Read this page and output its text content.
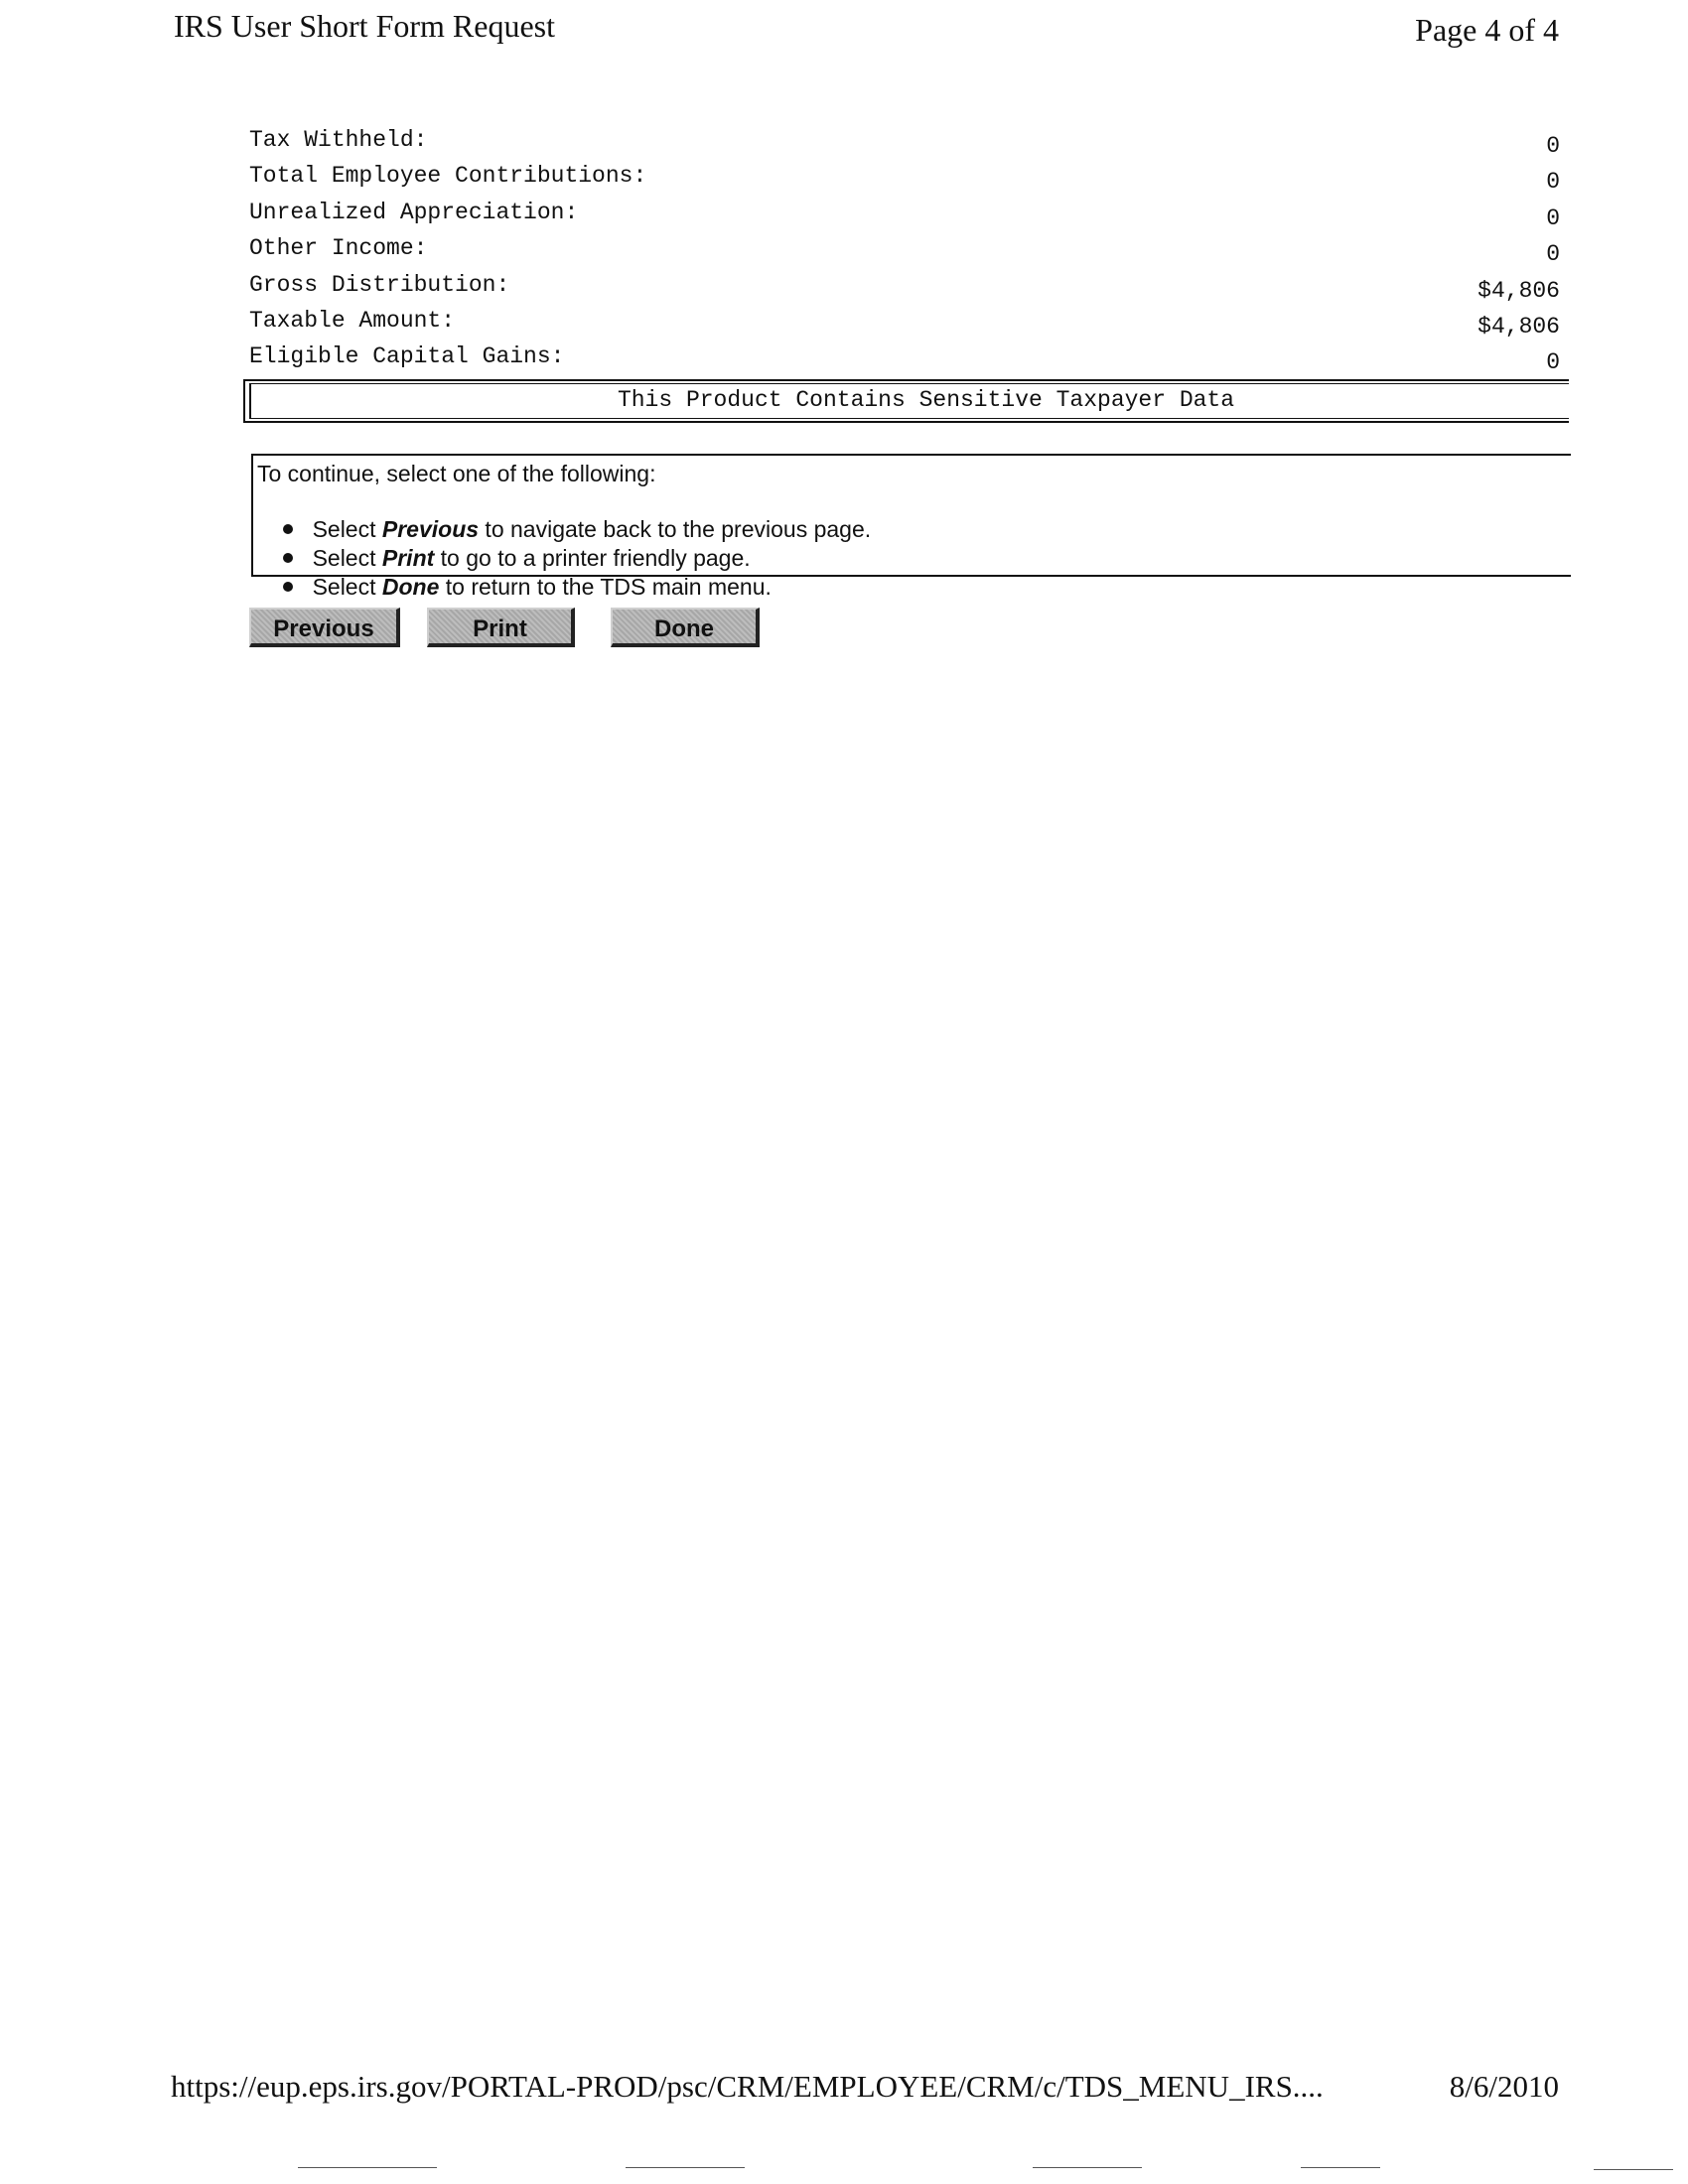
IRS User Short Form Request	Page 4 of 4
Tax Withheld:	0
Total Employee Contributions:	0
Unrealized Appreciation:	0
Other Income:	0
Gross Distribution:	$4,806
Taxable Amount:	$4,806
Eligible Capital Gains:	0
This Product Contains Sensitive Taxpayer Data
To continue, select one of the following:

Select Previous to navigate back to the previous page.

Select Print to go to a printer friendly page.

Select Done to return to the TDS main menu.

Previous	Print	Done
https://eup.eps.irs.gov/PORTAL-PROD/psc/CRM/EMPLOYEE/CRM/c/TDS_MENU_IRS....	8/6/2010
